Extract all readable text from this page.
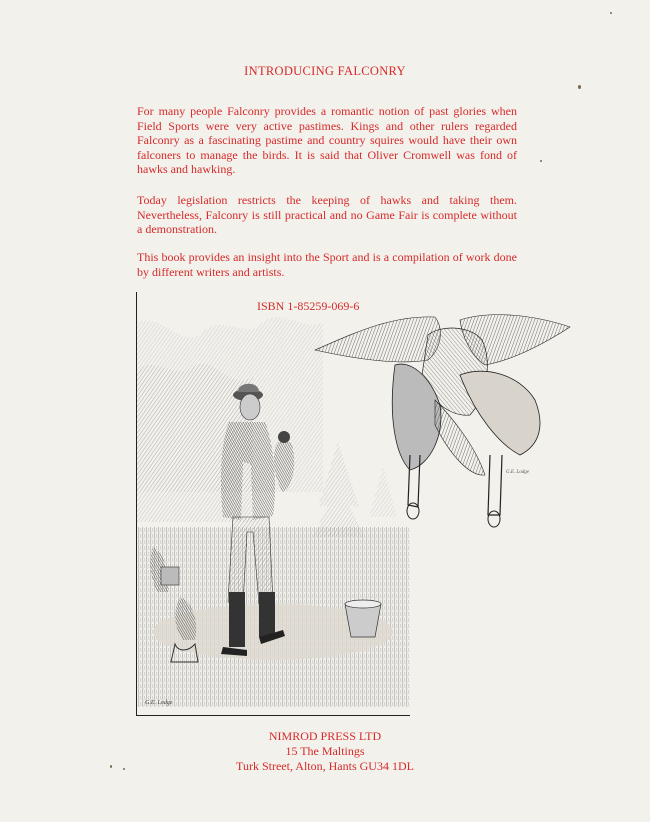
INTRODUCING FALCONRY

For many people Falconry provides a romantic notion of past glories when Field Sports were very active pastimes. Kings and other rulers regarded Falconry as a fascinating pastime and country squires would have their own falconers to manage the birds. It is said that Oliver Cromwell was fond of hawks and hawking.

Today legislation restricts the keeping of hawks and taking them. Nevertheless, Falconry is still practical and no Game Fair is complete without a demonstration.

This book provides an insight into the Sport and is a compilation of work done by different writers and artists.

G.E. Lodge
ISBN 1-85259-069-6
G.E. Lodge
NIMROD PRESS LTD
15 The Maltings
Turk Street, Alton, Hants GU34 1DL
